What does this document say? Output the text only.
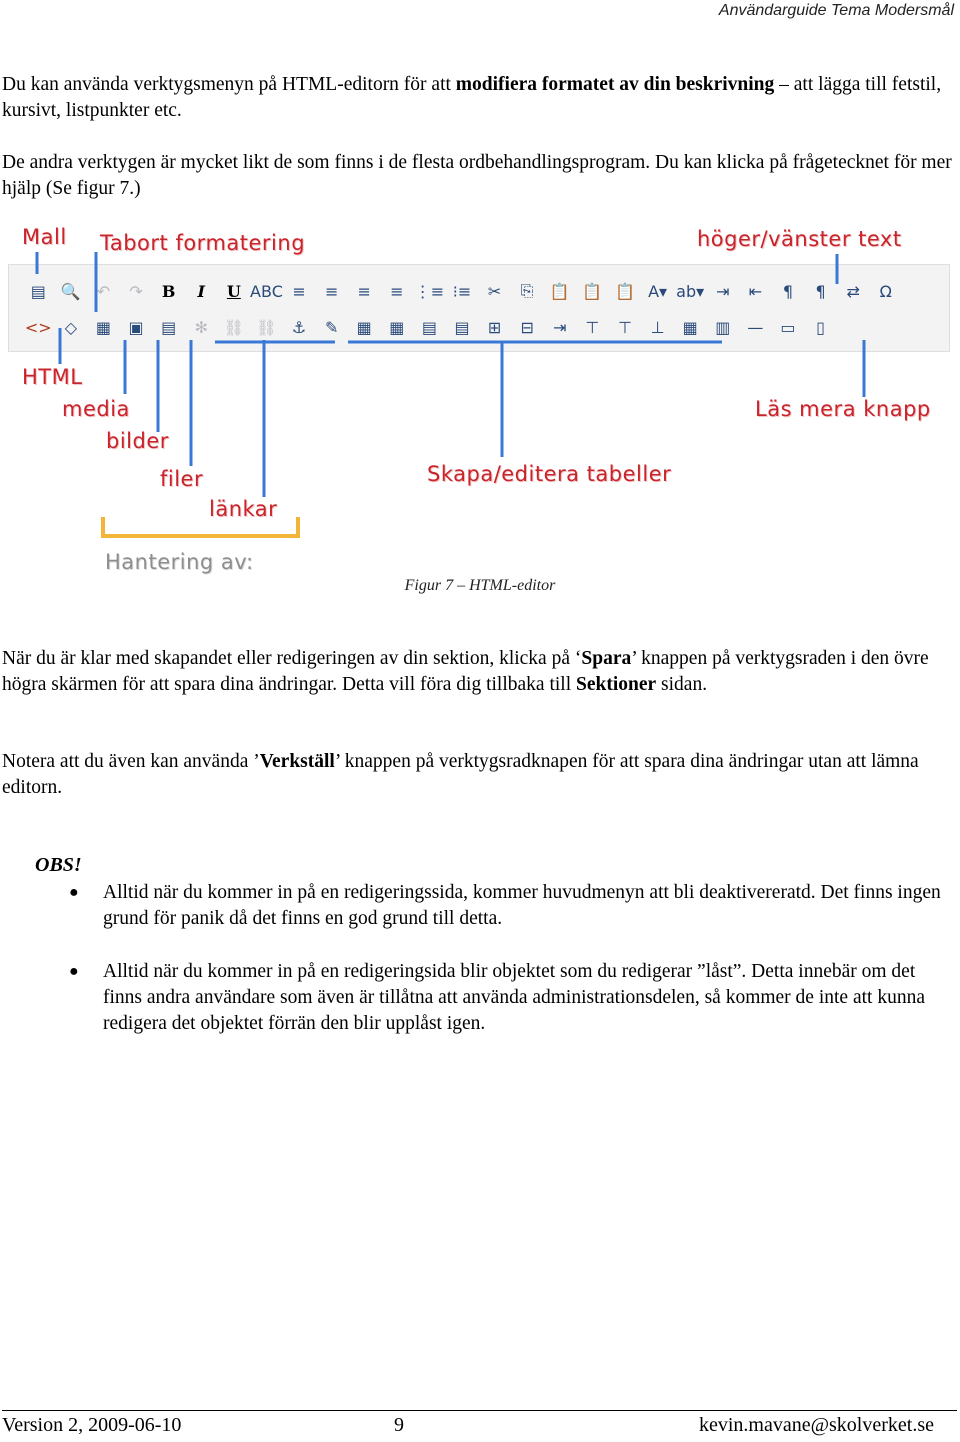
Användarguide Tema Modersmål

Du kan använda verktygsmenyn på HTML-editorn för att modifiera formatet av din beskrivning – att lägga till fetstil, kursivt, listpunkter etc.

De andra verktygen är mycket likt de som finns i de flesta ordbehandlingsprogram. Du kan klicka på frågetecknet för mer hjälp (Se figur 7.)

▤ 🔍 ↶	↷	B	I	U ABC ≡	≡	≡	≡ ⋮≡ ⁝≡	✂	⎘	📋 📋 📋 A▾ ab▾ ⇥	⇤	¶	¶	⇄	Ω
<> ◇	▦	▣	▤	✻ ⛓ ⛓ ⚓	✎	▦	▦	▤	▤	⊞	⊟	⇥	⊤	⊤	⊥	▦	▥	—	▭	▯
Mall Tabort formatering	höger/vänster text
HTML
media
bilder
filer
länkar
Hantering av:
Skapa/editera tabeller
Läs mera knapp
Figur 7 – HTML-editor

När du är klar med skapandet eller redigeringen av din sektion, klicka på ‘Spara’ knappen på verktygsraden i den övre högra skärmen för att spara dina ändringar. Detta vill föra dig tillbaka till Sektioner sidan.

Notera att du även kan använda ’Verkställ’ knappen på verktygsradknapen för att spara dina ändringar utan att lämna editorn.

OBS!
● Alltid när du kommer in på en redigeringssida, kommer huvudmenyn att bli deaktivereratd. Det finns ingen grund för panik då det finns en god grund till detta.
● Alltid när du kommer in på en redigeringsida blir objektet som du redigerar ”låst”. Detta innebär om det finns andra användare som även är tillåtna att använda administrationsdelen, så kommer de inte att kunna redigera det objektet förrän den blir upplåst igen.
Version 2, 2009-06-10	9	kevin.mavane@skolverket.se
